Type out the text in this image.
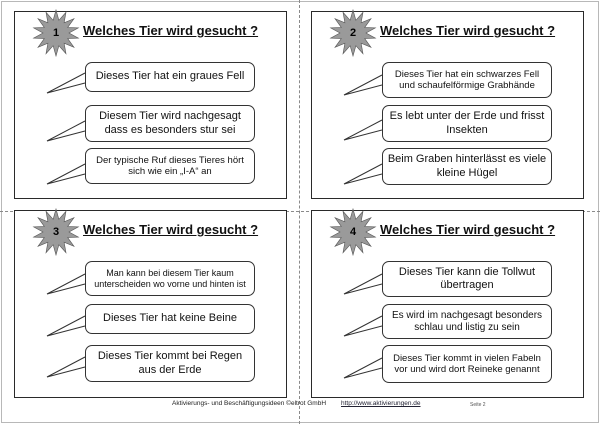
1	Welches Tier wird gesucht ?
Dieses Tier hat ein graues Fell
Diesem Tier wird nachgesagt dass es besonders stur sei
Der typische Ruf dieses Tieres hört sich wie ein „I-A“ an
2	Welches Tier wird gesucht ?
Dieses Tier hat ein schwarzes Fell und schaufelförmige Grabhände
Es lebt unter der Erde und frisst Insekten
Beim Graben hinterlässt es viele kleine Hügel
3	Welches Tier wird gesucht ?
Man kann bei diesem Tier kaum unterscheiden wo vorne und hinten ist
Dieses Tier hat keine Beine
Dieses Tier kommt bei Regen aus der Erde
4	Welches Tier wird gesucht ?
Dieses Tier kann die Tollwut übertragen
Es wird im nachgesagt besonders schlau und listig zu sein
Dieses Tier kommt in vielen Fabeln vor und wird dort Reineke genannt
Aktivierungs- und Beschäftigungsideen ©eltrot GmbH http://www.aktivierungen.de	Seite 2
